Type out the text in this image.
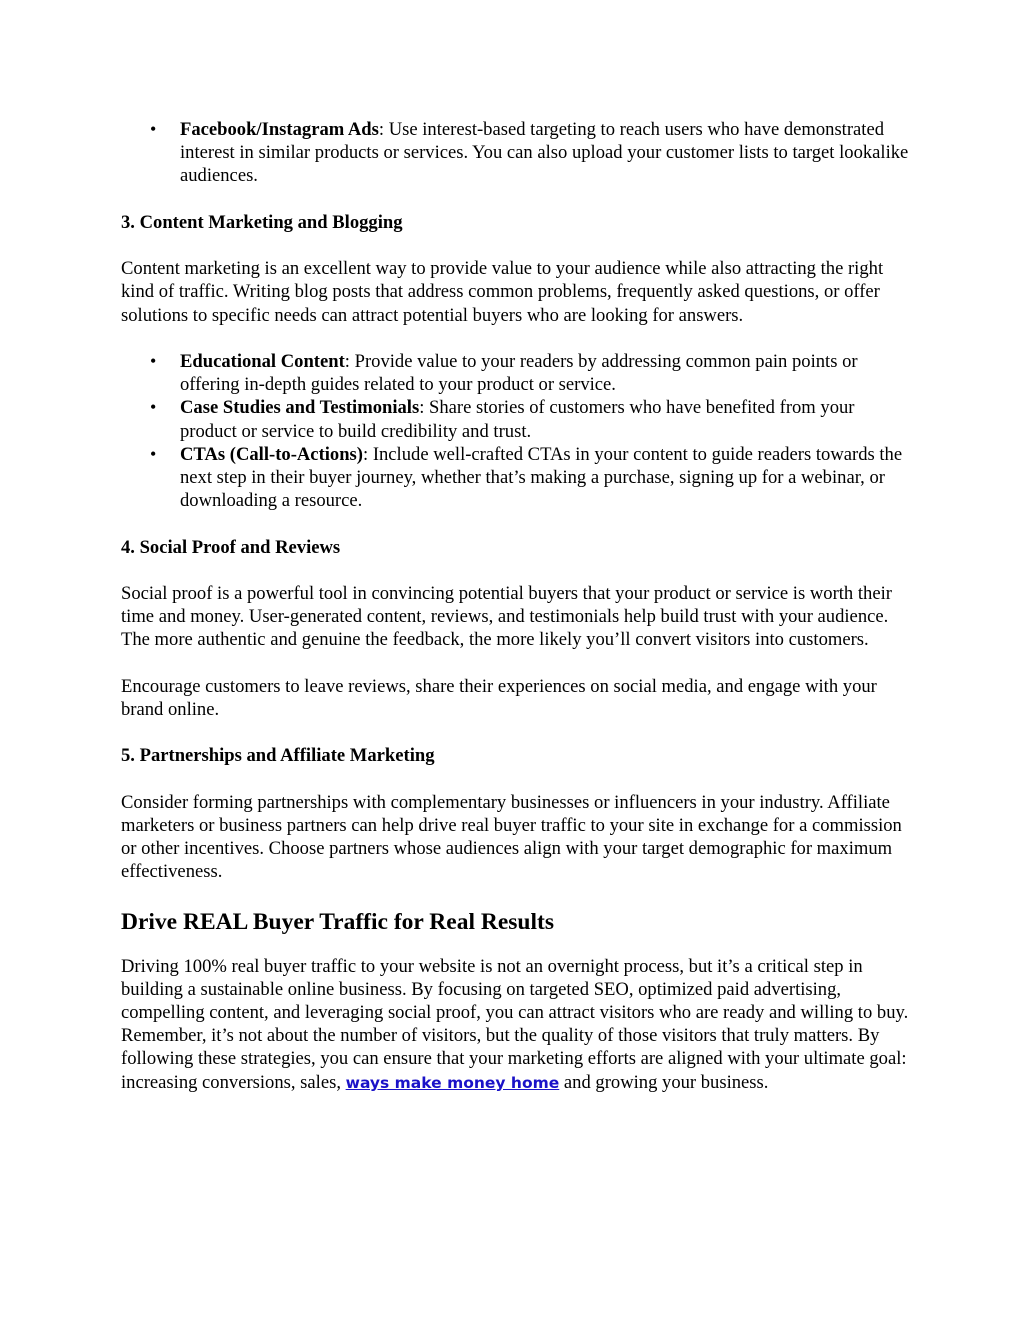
• Facebook/Instagram Ads: Use interest-based targeting to reach users who have demonstrated interest in similar products or services. You can also upload your customer lists to target lookalike audiences.
3. Content Marketing and Blogging

Content marketing is an excellent way to provide value to your audience while also attracting the right kind of traffic. Writing blog posts that address common problems, frequently asked questions, or offer solutions to specific needs can attract potential buyers who are looking for answers.

• Educational Content: Provide value to your readers by addressing common pain points or offering in-depth guides related to your product or service.
• Case Studies and Testimonials: Share stories of customers who have benefited from your product or service to build credibility and trust.
• CTAs (Call-to-Actions): Include well-crafted CTAs in your content to guide readers towards the next step in their buyer journey, whether that’s making a purchase, signing up for a webinar, or downloading a resource.
4. Social Proof and Reviews

Social proof is a powerful tool in convincing potential buyers that your product or service is worth their time and money. User-generated content, reviews, and testimonials help build trust with your audience. The more authentic and genuine the feedback, the more likely you’ll convert visitors into customers.

Encourage customers to leave reviews, share their experiences on social media, and engage with your brand online.

5. Partnerships and Affiliate Marketing

Consider forming partnerships with complementary businesses or influencers in your industry. Affiliate marketers or business partners can help drive real buyer traffic to your site in exchange for a commission or other incentives. Choose partners whose audiences align with your target demographic for maximum effectiveness.

Drive REAL Buyer Traffic for Real Results

Driving 100% real buyer traffic to your website is not an overnight process, but it’s a critical step in building a sustainable online business. By focusing on targeted SEO, optimized paid advertising, compelling content, and leveraging social proof, you can attract visitors who are ready and willing to buy. Remember, it’s not about the number of visitors, but the quality of those visitors that truly matters. By following these strategies, you can ensure that your marketing efforts are aligned with your ultimate goal: increasing conversions, sales, ways make money home and growing your business.
